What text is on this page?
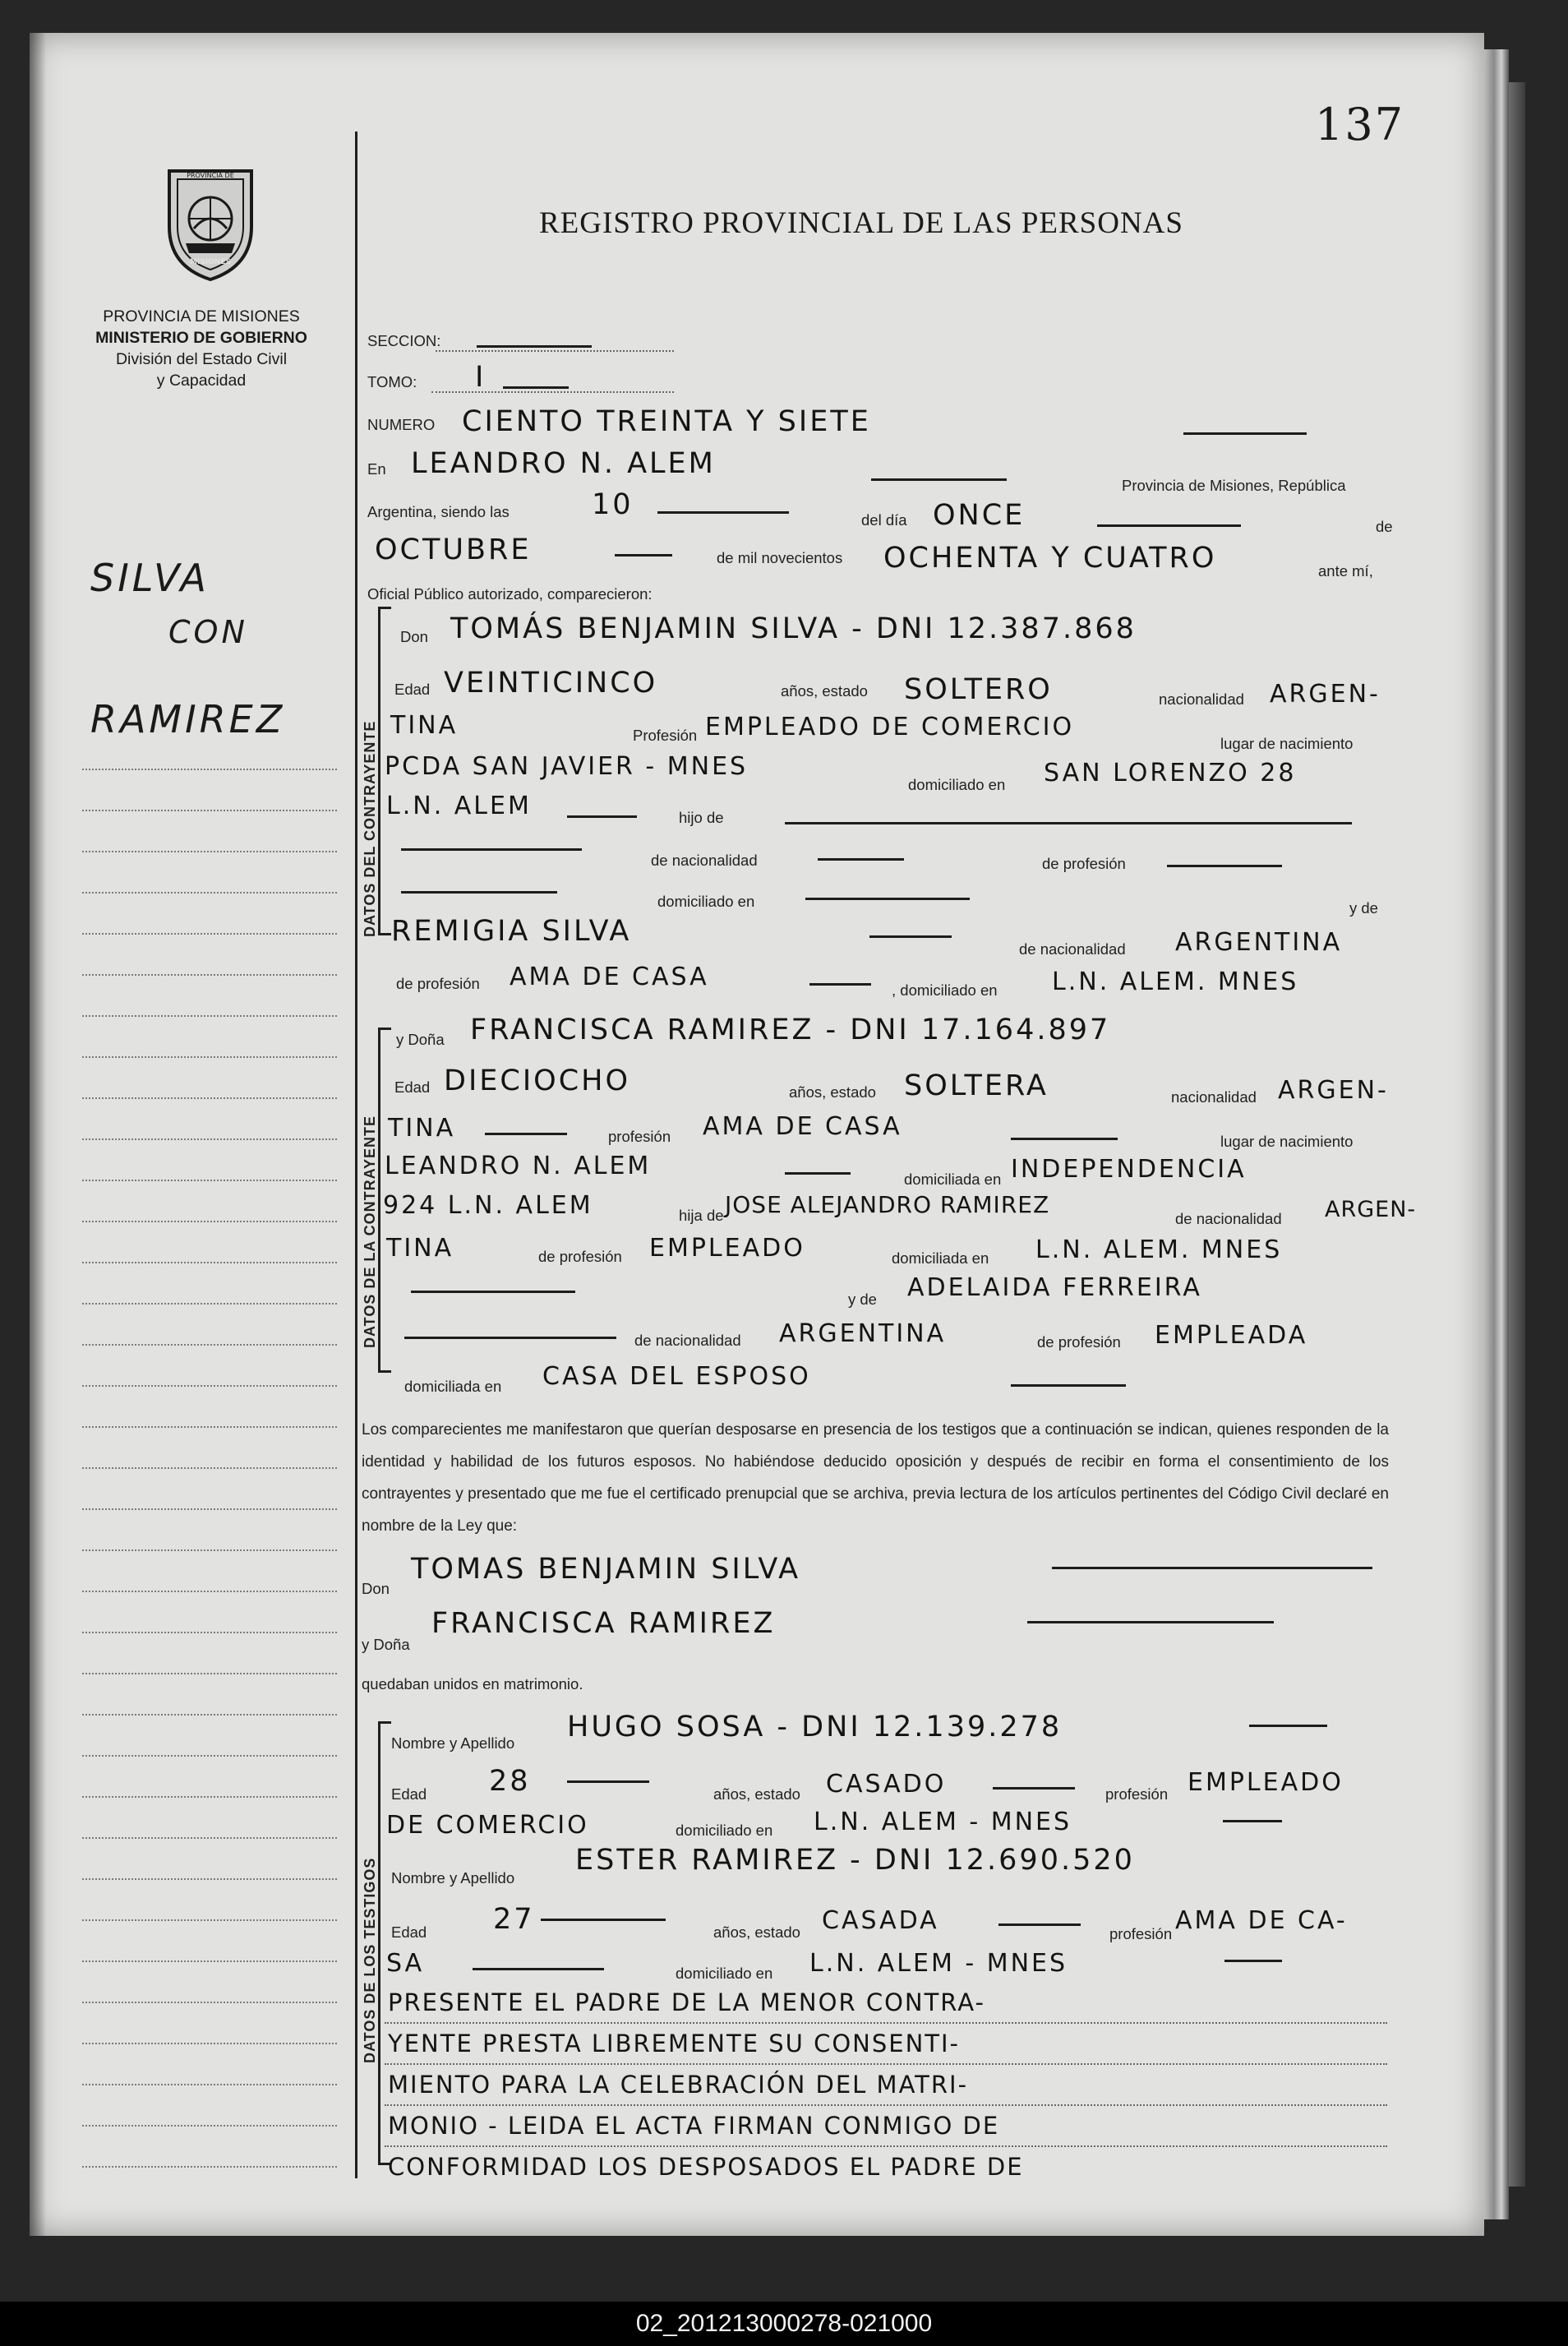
137
PROVINCIA DE
MISIONES
PROVINCIA DE MISIONES
MINISTERIO DE GOBIERNO
División del Estado Civil
y Capacidad
REGISTRO PROVINCIAL DE LAS PERSONAS
SILVA
CON
RAMIREZ
SECCION:
TOMO: I
NUMERO CIENTO TREINTA Y SIETE
En LEANDRO N. ALEM
Provincia de Misiones, República
Argentina, siendo las	10	del día ONCE	de
OCTUBRE	de mil novecientos OCHENTA Y CUATRO	ante mí,
Oficial Público autorizado, comparecieron:
DATOS DEL CONTRAYENTE
Don TOMÁS BENJAMIN SILVA - DNI 12.387.868
Edad VEINTICINCO	años, estado SOLTERO	nacionalidad ARGEN-
TINA	Profesión EMPLEADO DE COMERCIO
lugar de nacimiento
PCDA SAN JAVIER - MNES
domiciliado en SAN LORENZO 28
L.N. ALEM	hijo de
de nacionalidad	de profesión
domiciliado en	y de
REMIGIA SILVA
de nacionalidad ARGENTINA
de profesión AMA DE CASA	, domiciliado en L.N. ALEM. MNES
DATOS DE LA CONTRAYENTE
y Doña FRANCISCA RAMIREZ - DNI 17.164.897
Edad DIECIOCHO	años, estado SOLTERA	nacionalidad ARGEN-
TINA	profesión AMA DE CASA
lugar de nacimiento
LEANDRO N. ALEM	domiciliada en INDEPENDENCIA
924 L.N. ALEM	hija de JOSE ALEJANDRO RAMIREZ
de nacionalidad ARGEN-
TINA	de profesión EMPLEADO	domiciliada en L.N. ALEM. MNES
y de ADELAIDA FERREIRA
de nacionalidad ARGENTINA	de profesión EMPLEADA
domiciliada en CASA DEL ESPOSO
Los comparecientes me manifestaron que querían desposarse en presencia de los testigos que a continuación se indican, quienes responden de la identidad y habilidad de los futuros esposos. No habiéndose deducido oposición y después de recibir en forma el consentimiento de los contrayentes y presentado que me fue el certificado prenupcial que se archiva, previa lectura de los artículos pertinentes del Código Civil declaré en nombre de la Ley que:
Don
TOMAS BENJAMIN SILVA
y Doña
FRANCISCA RAMIREZ
quedaban unidos en matrimonio.
DATOS DE LOS TESTIGOS
Nombre y Apellido HUGO SOSA - DNI 12.139.278
Edad 28	años, estado CASADO	profesión EMPLEADO
DE COMERCIO	domiciliado en L.N. ALEM - MNES
Nombre y Apellido
ESTER RAMIREZ - DNI 12.690.520
Edad 27	años, estado CASADA	profesión AMA DE CA-
SA	domiciliado en L.N. ALEM - MNES
PRESENTE EL PADRE DE LA MENOR CONTRA-
YENTE PRESTA LIBREMENTE SU CONSENTI-
MIENTO PARA LA CELEBRACIÓN DEL MATRI-
MONIO - LEIDA EL ACTA FIRMAN CONMIGO DE
CONFORMIDAD LOS DESPOSADOS EL PADRE DE
02_201213000278-021000
